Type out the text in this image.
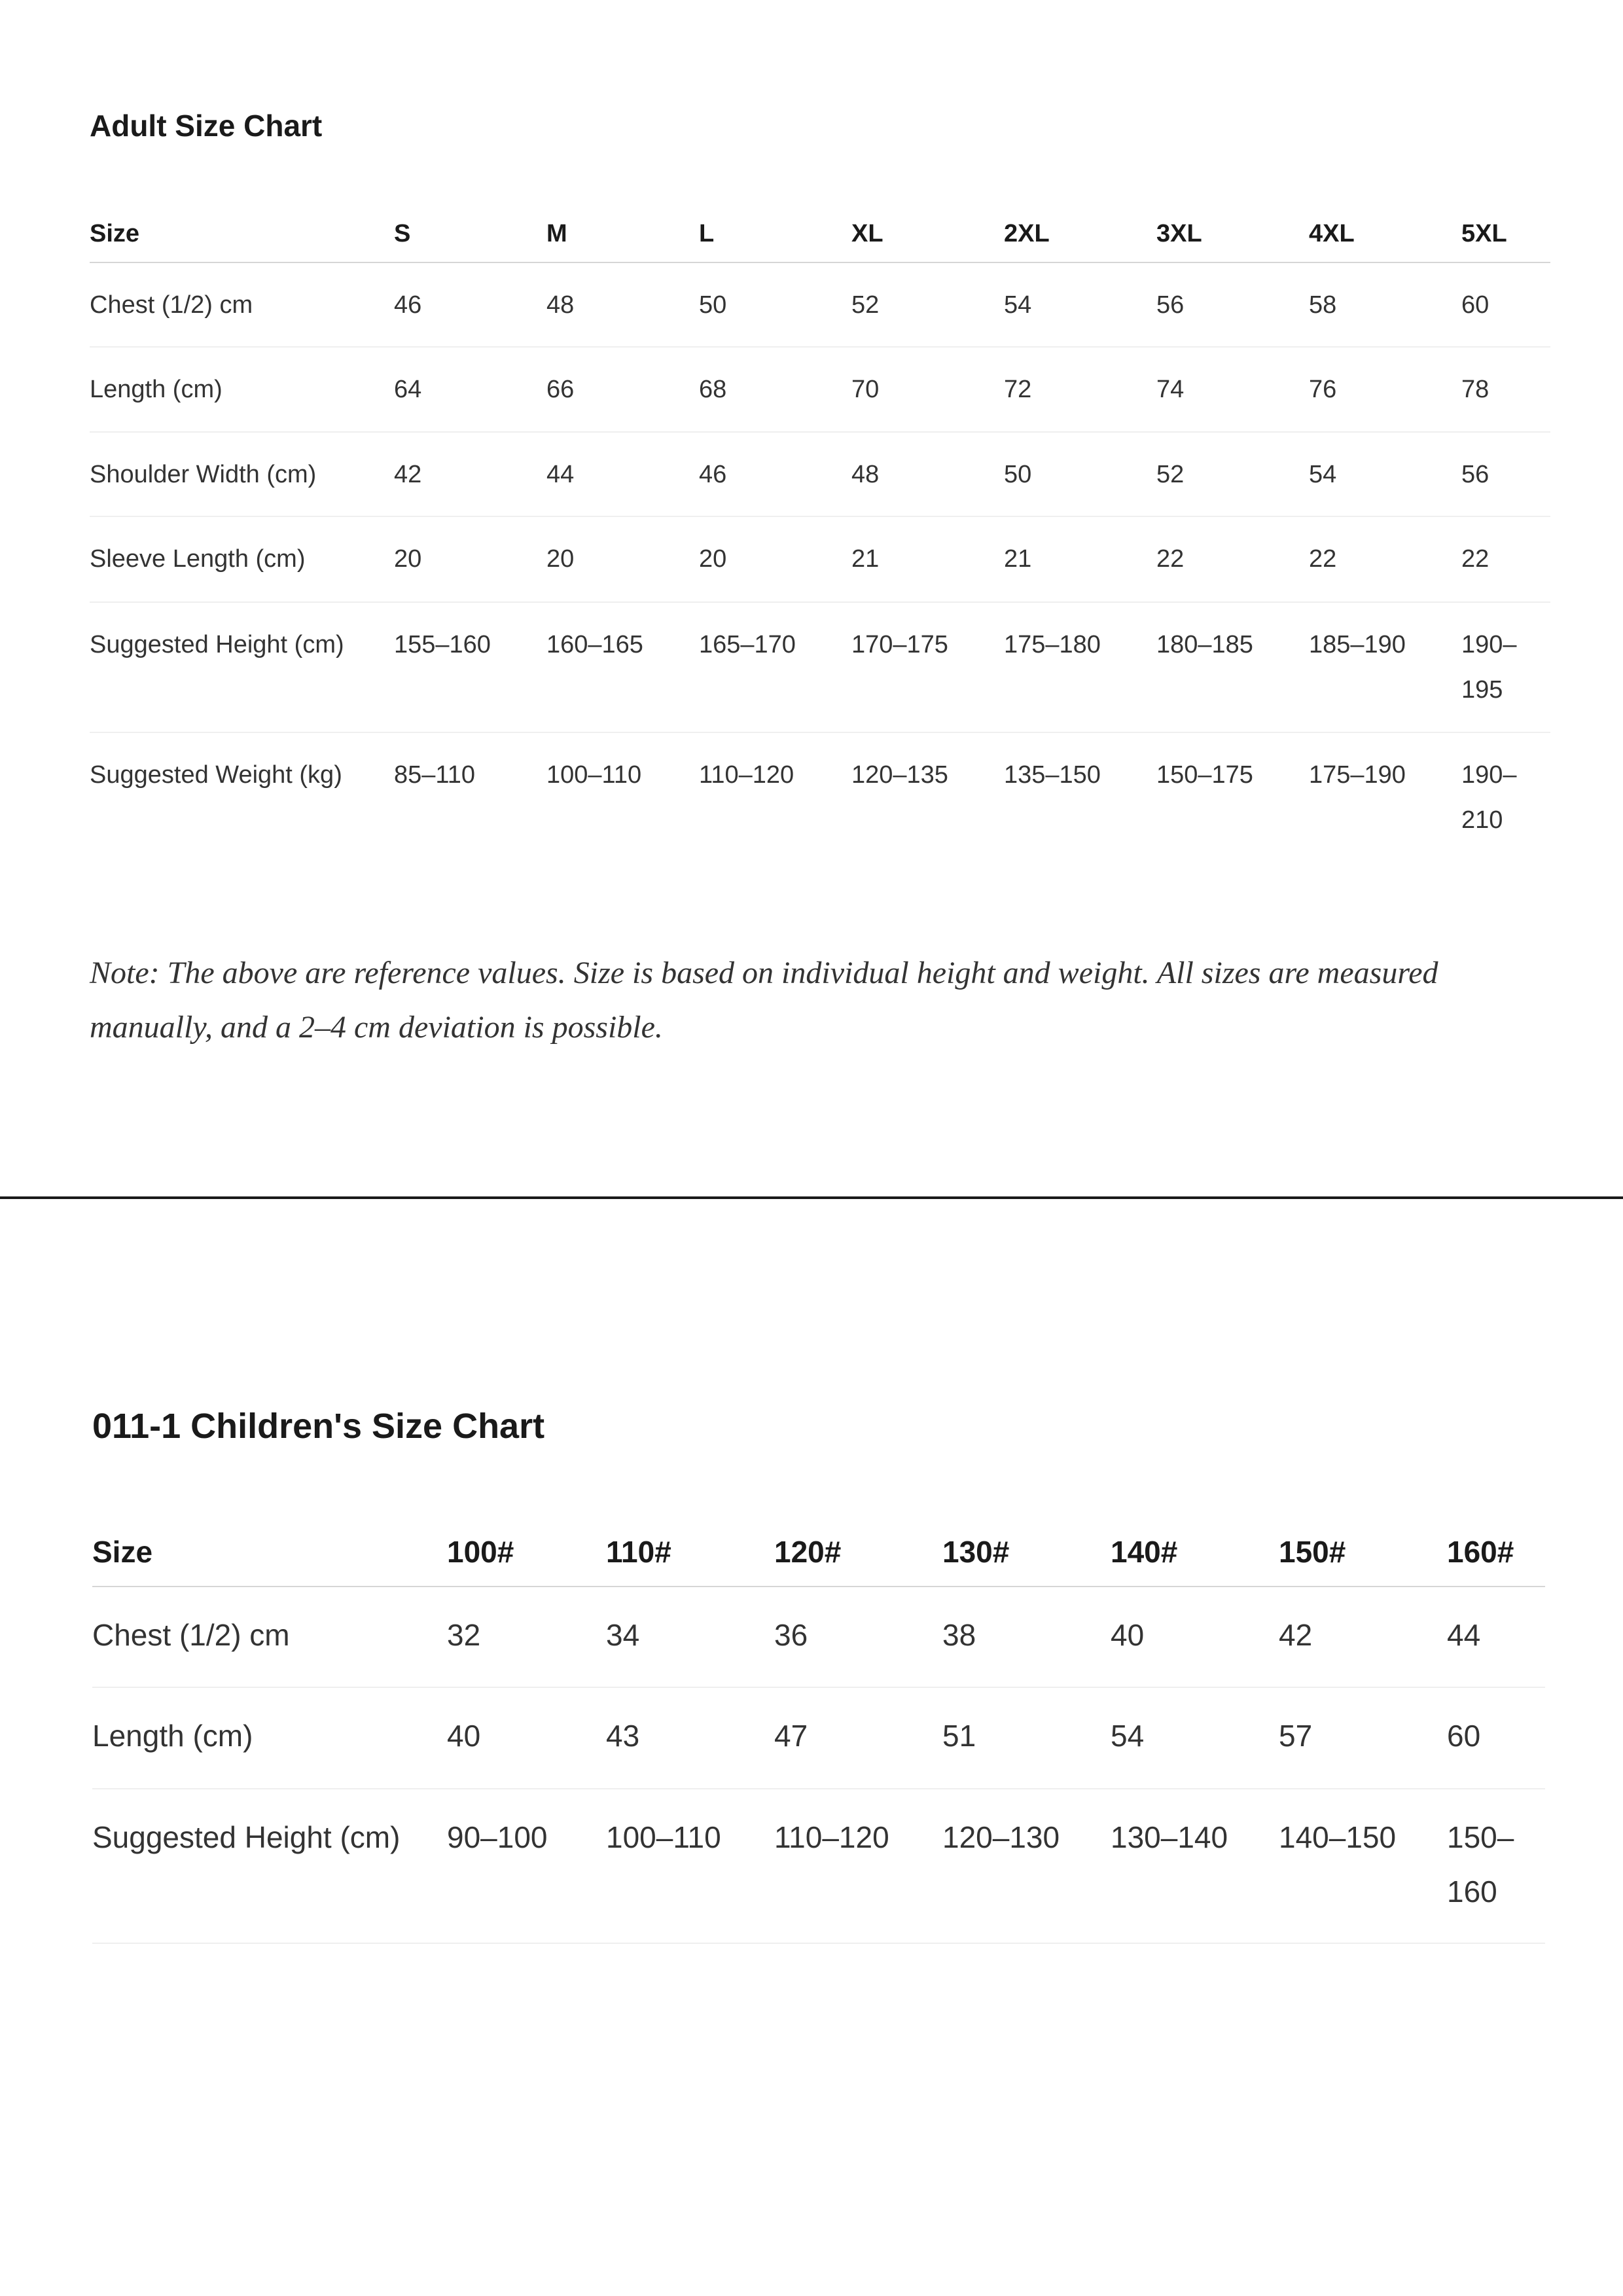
Adult Size Chart
Size	S	M	L	XL	2XL	3XL	4XL	5XL
Chest (1/2) cm	46	48	50	52	54	56	58	60
Length (cm)	64	66	68	70	72	74	76	78
Shoulder Width (cm)	42	44	46	48	50	52	54	56
Sleeve Length (cm)	20	20	20	21	21	22	22	22
Suggested Height (cm)	155–160	160–165	165–170	170–175	175–180	180–185	185–190	190–195
Suggested Weight (kg)	85–110	100–110	110–120	120–135	135–150	150–175	175–190	190–210

Note: The above are reference values. Size is based on individual height and weight. All sizes are measured manually, and a 2–4 cm deviation is possible.

011-1 Children's Size Chart
Size	100#	110#	120#	130#	140#	150#	160#
Chest (1/2) cm	32	34	36	38	40	42	44
Length (cm)	40	43	47	51	54	57	60
Suggested Height (cm)	90–100	100–110	110–120	120–130	130–140	140–150	150–160
